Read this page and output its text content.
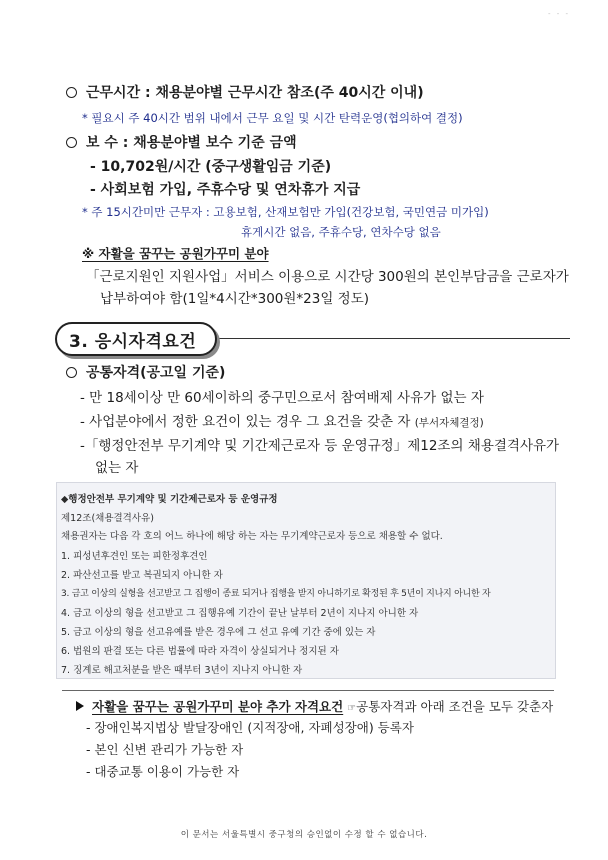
- - -
근무시간 : 채용분야별 근무시간 참조(주 40시간 이내)
* 필요시 주 40시간 범위 내에서 근무 요일 및 시간 탄력운영(협의하여 결정)
보 수 : 채용분야별 보수 기준 금액
- 10,702원/시간 (중구생활임금 기준)
- 사회보험 가입, 주휴수당 및 연차휴가 지급
* 주 15시간미만 근무자 : 고용보험, 산재보험만 가입(건강보험, 국민연금 미가입)
휴게시간 없음, 주휴수당, 연차수당 없음
※ 자활을 꿈꾸는 공원가꾸미 분야
「근로지원인 지원사업」서비스 이용으로 시간당 300원의 본인부담금을 근로자가
납부하여야 함(1일*4시간*300원*23일 정도)
3. 응시자격요건
공통자격(공고일 기준)
- 만 18세이상 만 60세이하의 중구민으로서 참여배제 사유가 없는 자
- 사업분야에서 정한 요건이 있는 경우 그 요건을 갖춘 자 (부서자체결정)
-「행정안전부 무기계약 및 기간제근로자 등 운영규정」제12조의 채용결격사유가
없는 자
◆행정안전부 무기계약 및 기간제근로자 등 운영규정
제12조(채용결격사유)
채용권자는 다음 각 호의 어느 하나에 해당 하는 자는 무기계약근로자 등으로 채용할 수 없다.
1. 피성년후견인 또는 피한정후견인
2. 파산선고를 받고 복권되지 아니한 자
3. 금고 이상의 실형을 선고받고 그 집행이 종료 되거나 집행을 받지 아니하기로 확정된 후 5년이 지나지 아니한 자
4. 금고 이상의 형을 선고받고 그 집행유예 기간이 끝난 날부터 2년이 지나지 아니한 자
5. 금고 이상의 형을 선고유예를 받은 경우에 그 선고 유예 기간 중에 있는 자
6. 법원의 판결 또는 다른 법률에 따라 자격이 상실되거나 정지된 자
7. 징계로 해고처분을 받은 때부터 3년이 지나지 아니한 자
자활을 꿈꾸는 공원가꾸미 분야 추가 자격요건 ☞공통자격과 아래 조건을 모두 갖춘자
- 장애인복지법상 발달장애인 (지적장애, 자폐성장애) 등록자
- 본인 신변 관리가 가능한 자
- 대중교통 이용이 가능한 자
이 문서는 서울특별시 중구청의 승인없이 수정 할 수 없습니다.
